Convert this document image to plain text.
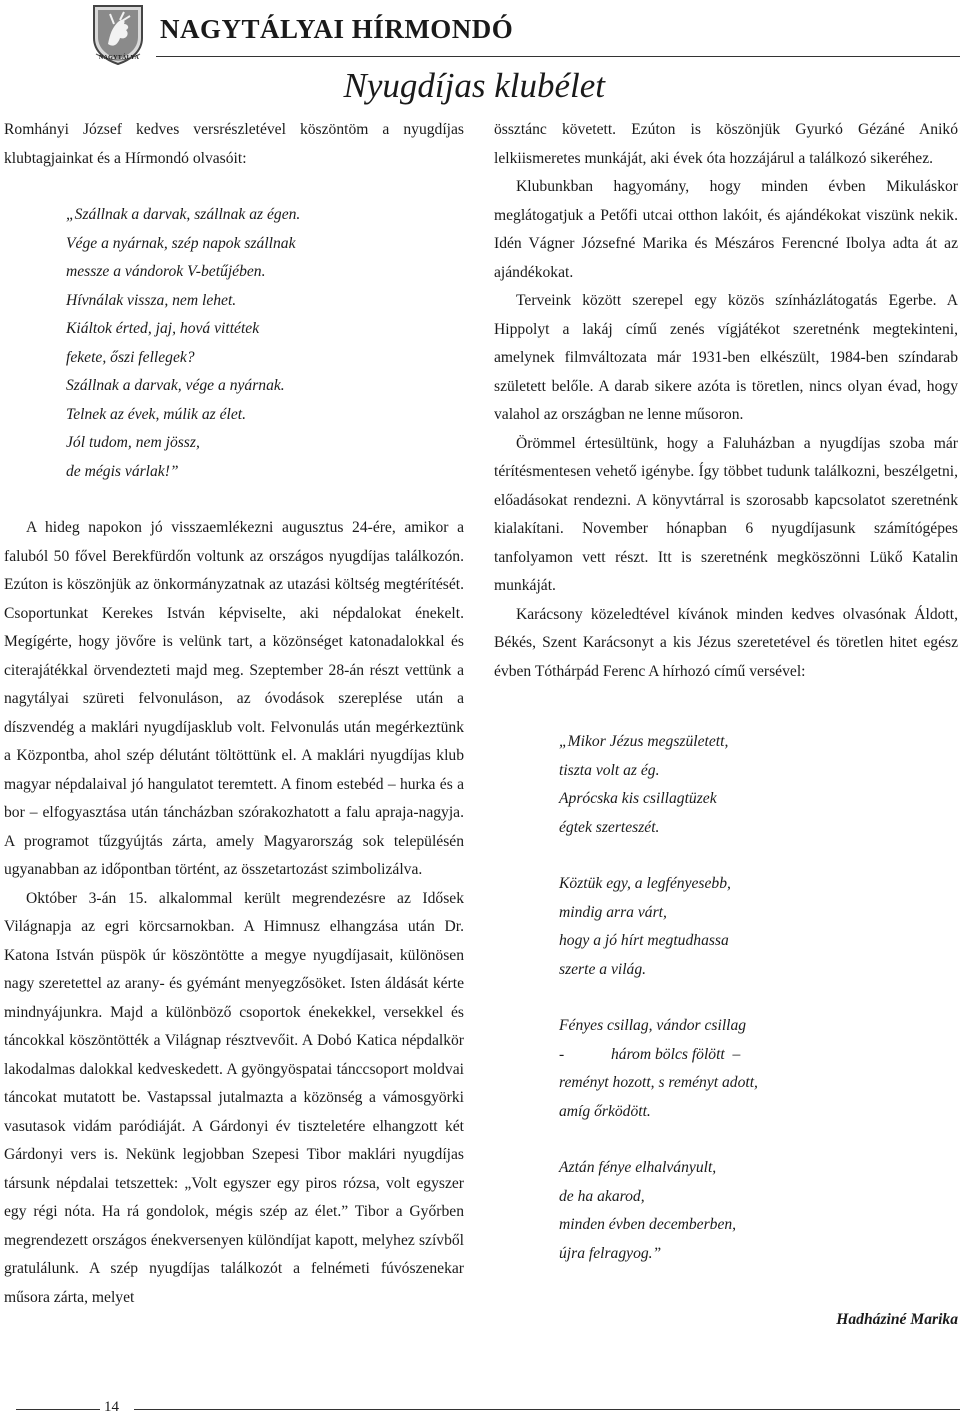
NAGYTÁLYA
NAGYTÁLYAI HÍRMONDÓ
Nyugdíjas klubélet

Romhányi József kedves versrészletével köszöntöm a nyugdíjas klubtagjainkat és a Hírmondó olvasóit:

„Szállnak a darvak, szállnak az égen.
Vége a nyárnak, szép napok szállnak
messze a vándorok V-betűjében.
Hívnálak vissza, nem lehet.
Kiáltok érted, jaj, hová vittétek
fekete, őszi fellegek?
Szállnak a darvak, vége a nyárnak.
Telnek az évek, múlik az élet.
Jól tudom, nem jössz,
de mégis várlak!”

A hideg napokon jó visszaemlékezni augusztus 24-ére, amikor a faluból 50 fővel Berekfürdőn voltunk az országos nyugdíjas találkozón. Ezúton is köszönjük az önkormányzatnak az utazási költség megtérítését. Csoportunkat Kerekes István képviselte, aki népdalokat énekelt. Megígérte, hogy jövőre is velünk tart, a közönséget katonadalokkal és citerajátékkal örvendezteti majd meg. Szeptember 28-án részt vettünk a nagytályai szüreti felvonuláson, az óvodások szereplése után a díszvendég a maklári nyugdíjasklub volt. Felvonulás után megérkeztünk a Központba, ahol szép délutánt töltöttünk el. A maklári nyugdíjas klub magyar népdalaival jó hangulatot teremtett. A finom estebéd – hurka és a bor – elfogyasztása után táncházban szórakozhatott a falu apraja-nagyja. A programot tűzgyújtás zárta, amely Magyarország sok településén ugyanabban az időpontban történt, az összetartozást szimbolizálva.

Október 3-án 15. alkalommal került megrendezésre az Idősek Világnapja az egri körcsarnokban. A Himnusz elhangzása után Dr. Katona István püspök úr köszöntötte a megye nyugdíjasait, különösen nagy szeretettel az arany- és gyémánt menyegzősöket. Isten áldását kérte mindnyájunkra. Majd a különböző csoportok énekekkel, versekkel és táncokkal köszöntötték a Világnap résztvevőit. A Dobó Katica népdalkör lakodalmas dalokkal kedveskedett. A gyöngyöspatai tánccsoport moldvai táncokat mutatott be. Vastapssal jutalmazta a közönség a vámosgyörki vasutasok vidám paródiáját. A Gárdonyi év tiszteletére elhangzott két Gárdonyi vers is. Nekünk legjobban Szepesi Tibor maklári nyugdíjas társunk népdalai tetszettek: „Volt egyszer egy piros rózsa, volt egyszer egy régi nóta. Ha rá gondolok, mégis szép az élet.” Tibor a Győrben megrendezett országos énekversenyen különdíjat kapott, melyhez szívből gratulálunk. A szép nyugdíjas találkozót a felnémeti fúvószenekar műsora zárta, melyet

össztánc követett. Ezúton is köszönjük Gyurkó Gézáné Anikó lelkiismeretes munkáját, aki évek óta hozzájárul a találkozó sikeréhez.

Klubunkban hagyomány, hogy minden évben Mikuláskor meglátogatjuk a Petőfi utcai otthon lakóit, és ajándékokat viszünk nekik. Idén Vágner Józsefné Marika és Mészáros Ferencné Ibolya adta át az ajándékokat.

Terveink között szerepel egy közös színházlátogatás Egerbe. A Hippolyt a lakáj című zenés vígjátékot szeretnénk megtekinteni, amelynek filmváltozata már 1931-ben elkészült, 1984-ben színdarab született belőle. A darab sikere azóta is töretlen, nincs olyan évad, hogy valahol az országban ne lenne műsoron.

Örömmel értesültünk, hogy a Faluházban a nyugdíjas szoba már térítésmentesen vehető igénybe. Így többet tudunk találkozni, beszélgetni, előadásokat rendezni. A könyvtárral is szorosabb kapcsolatot szeretnénk kialakítani. November hónapban 6 nyugdíjasunk számítógépes tanfolyamon vett részt. Itt is szeretnénk megköszönni Lükő Katalin munkáját.

Karácsony közeledtével kívánok minden kedves olvasónak Áldott, Békés, Szent Karácsonyt a kis Jézus szeretetével és töretlen hitet egész évben Tóthárpád Ferenc A hírhozó című versével:

„Mikor Jézus megszületett,
tiszta volt az ég.
Aprócska kis csillagtüzek
égtek szerteszét.
Köztük egy, a legfényesebb,
mindig arra várt,
hogy a jó hírt megtudhassa
szerte a világ.
Fényes csillag, vándor csillag
-            három bölcs fölött  –
reményt hozott, s reményt adott,
amíg őrködött.
Aztán fénye elhalványult,
de ha akarod,
minden évben decemberben,
újra felragyog.”
Hadháziné Marika
14
